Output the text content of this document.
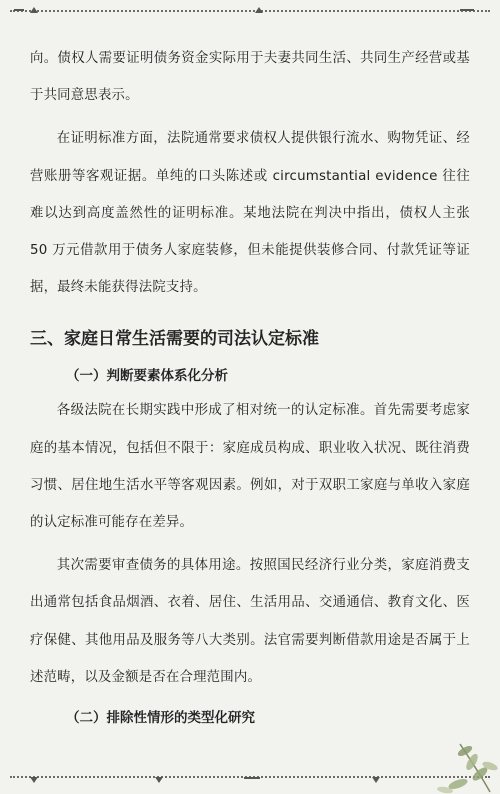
向。债权人需要证明债务资金实际用于夫妻共同生活、共同生产经营或基于共同意思表示。

在证明标准方面，法院通常要求债权人提供银行流水、购物凭证、经营账册等客观证据。单纯的口头陈述或 circumstantial evidence 往往难以达到高度盖然性的证明标准。某地法院在判决中指出，债权人主张 50 万元借款用于债务人家庭装修，但未能提供装修合同、付款凭证等证据，最终未能获得法院支持。

三、家庭日常生活需要的司法认定标准
（一）判断要素体系化分析

各级法院在长期实践中形成了相对统一的认定标准。首先需要考虑家庭的基本情况，包括但不限于：家庭成员构成、职业收入状况、既往消费习惯、居住地生活水平等客观因素。例如，对于双职工家庭与单收入家庭的认定标准可能存在差异。

其次需要审查债务的具体用途。按照国民经济行业分类，家庭消费支出通常包括食品烟酒、衣着、居住、生活用品、交通通信、教育文化、医疗保健、其他用品及服务等八大类别。法官需要判断借款用途是否属于上述范畴，以及金额是否在合理范围内。

（二）排除性情形的类型化研究
